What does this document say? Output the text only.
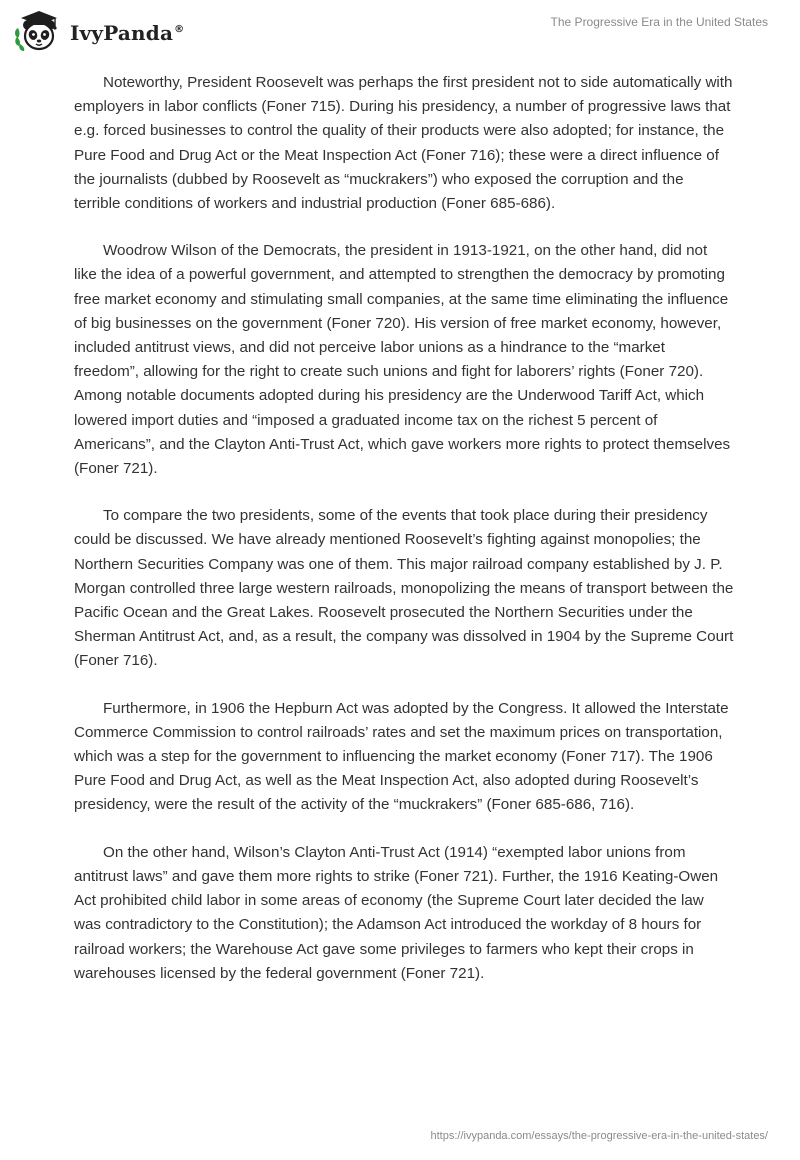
IvyPanda®
The Progressive Era in the United States

Noteworthy, President Roosevelt was perhaps the first president not to side automatically with employers in labor conflicts (Foner 715). During his presidency, a number of progressive laws that e.g. forced businesses to control the quality of their products were also adopted; for instance, the Pure Food and Drug Act or the Meat Inspection Act (Foner 716); these were a direct influence of the journalists (dubbed by Roosevelt as “muckrakers”) who exposed the corruption and the terrible conditions of workers and industrial production (Foner 685-686).

Woodrow Wilson of the Democrats, the president in 1913-1921, on the other hand, did not like the idea of a powerful government, and attempted to strengthen the democracy by promoting free market economy and stimulating small companies, at the same time eliminating the influence of big businesses on the government (Foner 720). His version of free market economy, however, included antitrust views, and did not perceive labor unions as a hindrance to the “market freedom”, allowing for the right to create such unions and fight for laborers’ rights (Foner 720). Among notable documents adopted during his presidency are the Underwood Tariff Act, which lowered import duties and “imposed a graduated income tax on the richest 5 percent of Americans”, and the Clayton Anti-Trust Act, which gave workers more rights to protect themselves (Foner 721).

To compare the two presidents, some of the events that took place during their presidency could be discussed. We have already mentioned Roosevelt’s fighting against monopolies; the Northern Securities Company was one of them. This major railroad company established by J. P. Morgan controlled three large western railroads, monopolizing the means of transport between the Pacific Ocean and the Great Lakes. Roosevelt prosecuted the Northern Securities under the Sherman Antitrust Act, and, as a result, the company was dissolved in 1904 by the Supreme Court (Foner 716).

Furthermore, in 1906 the Hepburn Act was adopted by the Congress. It allowed the Interstate Commerce Commission to control railroads’ rates and set the maximum prices on transportation, which was a step for the government to influencing the market economy (Foner 717). The 1906 Pure Food and Drug Act, as well as the Meat Inspection Act, also adopted during Roosevelt’s presidency, were the result of the activity of the “muckrakers” (Foner 685-686, 716).

On the other hand, Wilson’s Clayton Anti-Trust Act (1914) “exempted labor unions from antitrust laws” and gave them more rights to strike (Foner 721). Further, the 1916 Keating-Owen Act prohibited child labor in some areas of economy (the Supreme Court later decided the law was contradictory to the Constitution); the Adamson Act introduced the workday of 8 hours for railroad workers; the Warehouse Act gave some privileges to farmers who kept their crops in warehouses licensed by the federal government (Foner 721).

https://ivypanda.com/essays/the-progressive-era-in-the-united-states/
